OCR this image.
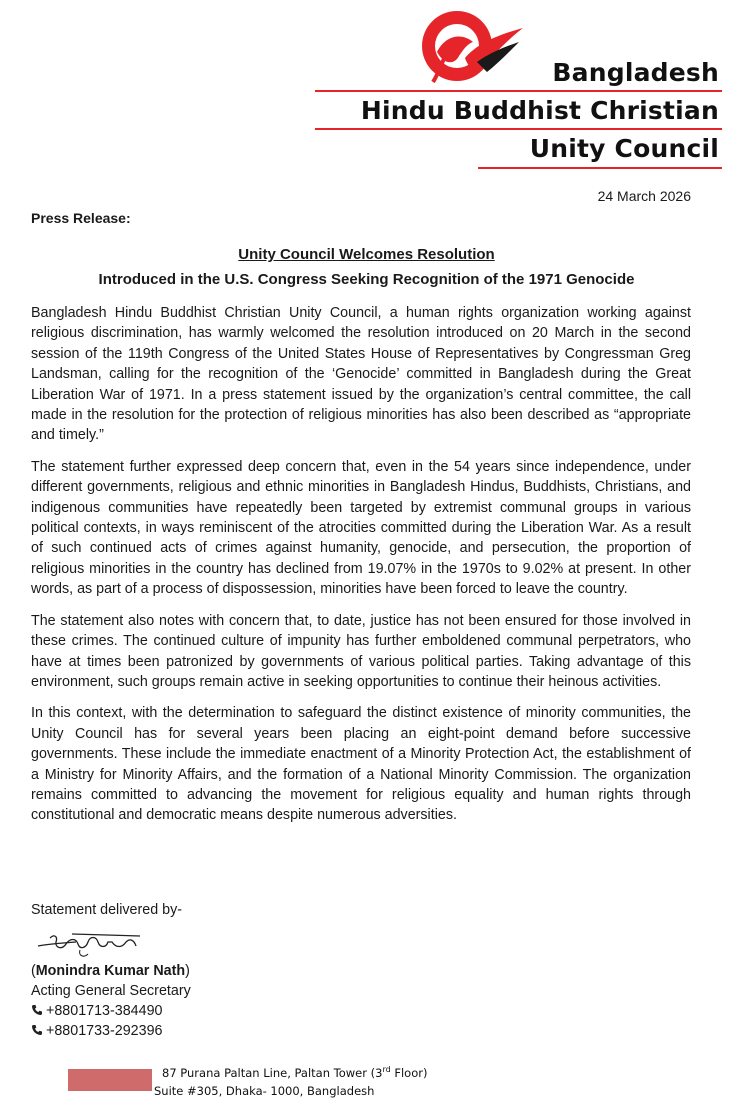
Bangladesh
Hindu Buddhist Christian
Unity Council
24 March 2026
Press Release:
Unity Council Welcomes Resolution
Introduced in the U.S. Congress Seeking Recognition of the 1971 Genocide

Bangladesh Hindu Buddhist Christian Unity Council, a human rights organization working against religious discrimination, has warmly welcomed the resolution introduced on 20 March in the second session of the 119th Congress of the United States House of Representatives by Congressman Greg Landsman, calling for the recognition of the ‘Genocide’ committed in Bangladesh during the Great Liberation War of 1971. In a press statement issued by the organization’s central committee, the call made in the resolution for the protection of religious minorities has also been described as “appropriate and timely.”

The statement further expressed deep concern that, even in the 54 years since independence, under different governments, religious and ethnic minorities in Bangladesh Hindus, Buddhists, Christians, and indigenous communities have repeatedly been targeted by extremist communal groups in various political contexts, in ways reminiscent of the atrocities committed during the Liberation War. As a result of such continued acts of crimes against humanity, genocide, and persecution, the proportion of religious minorities in the country has declined from 19.07% in the 1970s to 9.02% at present. In other words, as part of a process of dispossession, minorities have been forced to leave the country.

The statement also notes with concern that, to date, justice has not been ensured for those involved in these crimes. The continued culture of impunity has further emboldened communal perpetrators, who have at times been patronized by governments of various political parties. Taking advantage of this environment, such groups remain active in seeking opportunities to continue their heinous activities.

In this context, with the determination to safeguard the distinct existence of minority communities, the Unity Council has for several years been placing an eight-point demand before successive governments. These include the immediate enactment of a Minority Protection Act, the establishment of a Ministry for Minority Affairs, and the formation of a National Minority Commission. The organization remains committed to advancing the movement for religious equality and human rights through constitutional and democratic means despite numerous adversities.

Statement delivered by-
(Monindra Kumar Nath)
Acting General Secretary
+8801713-384490
+8801733-292396
87 Purana Paltan Line, Paltan Tower (3rd Floor)
Suite #305, Dhaka- 1000, Bangladesh
